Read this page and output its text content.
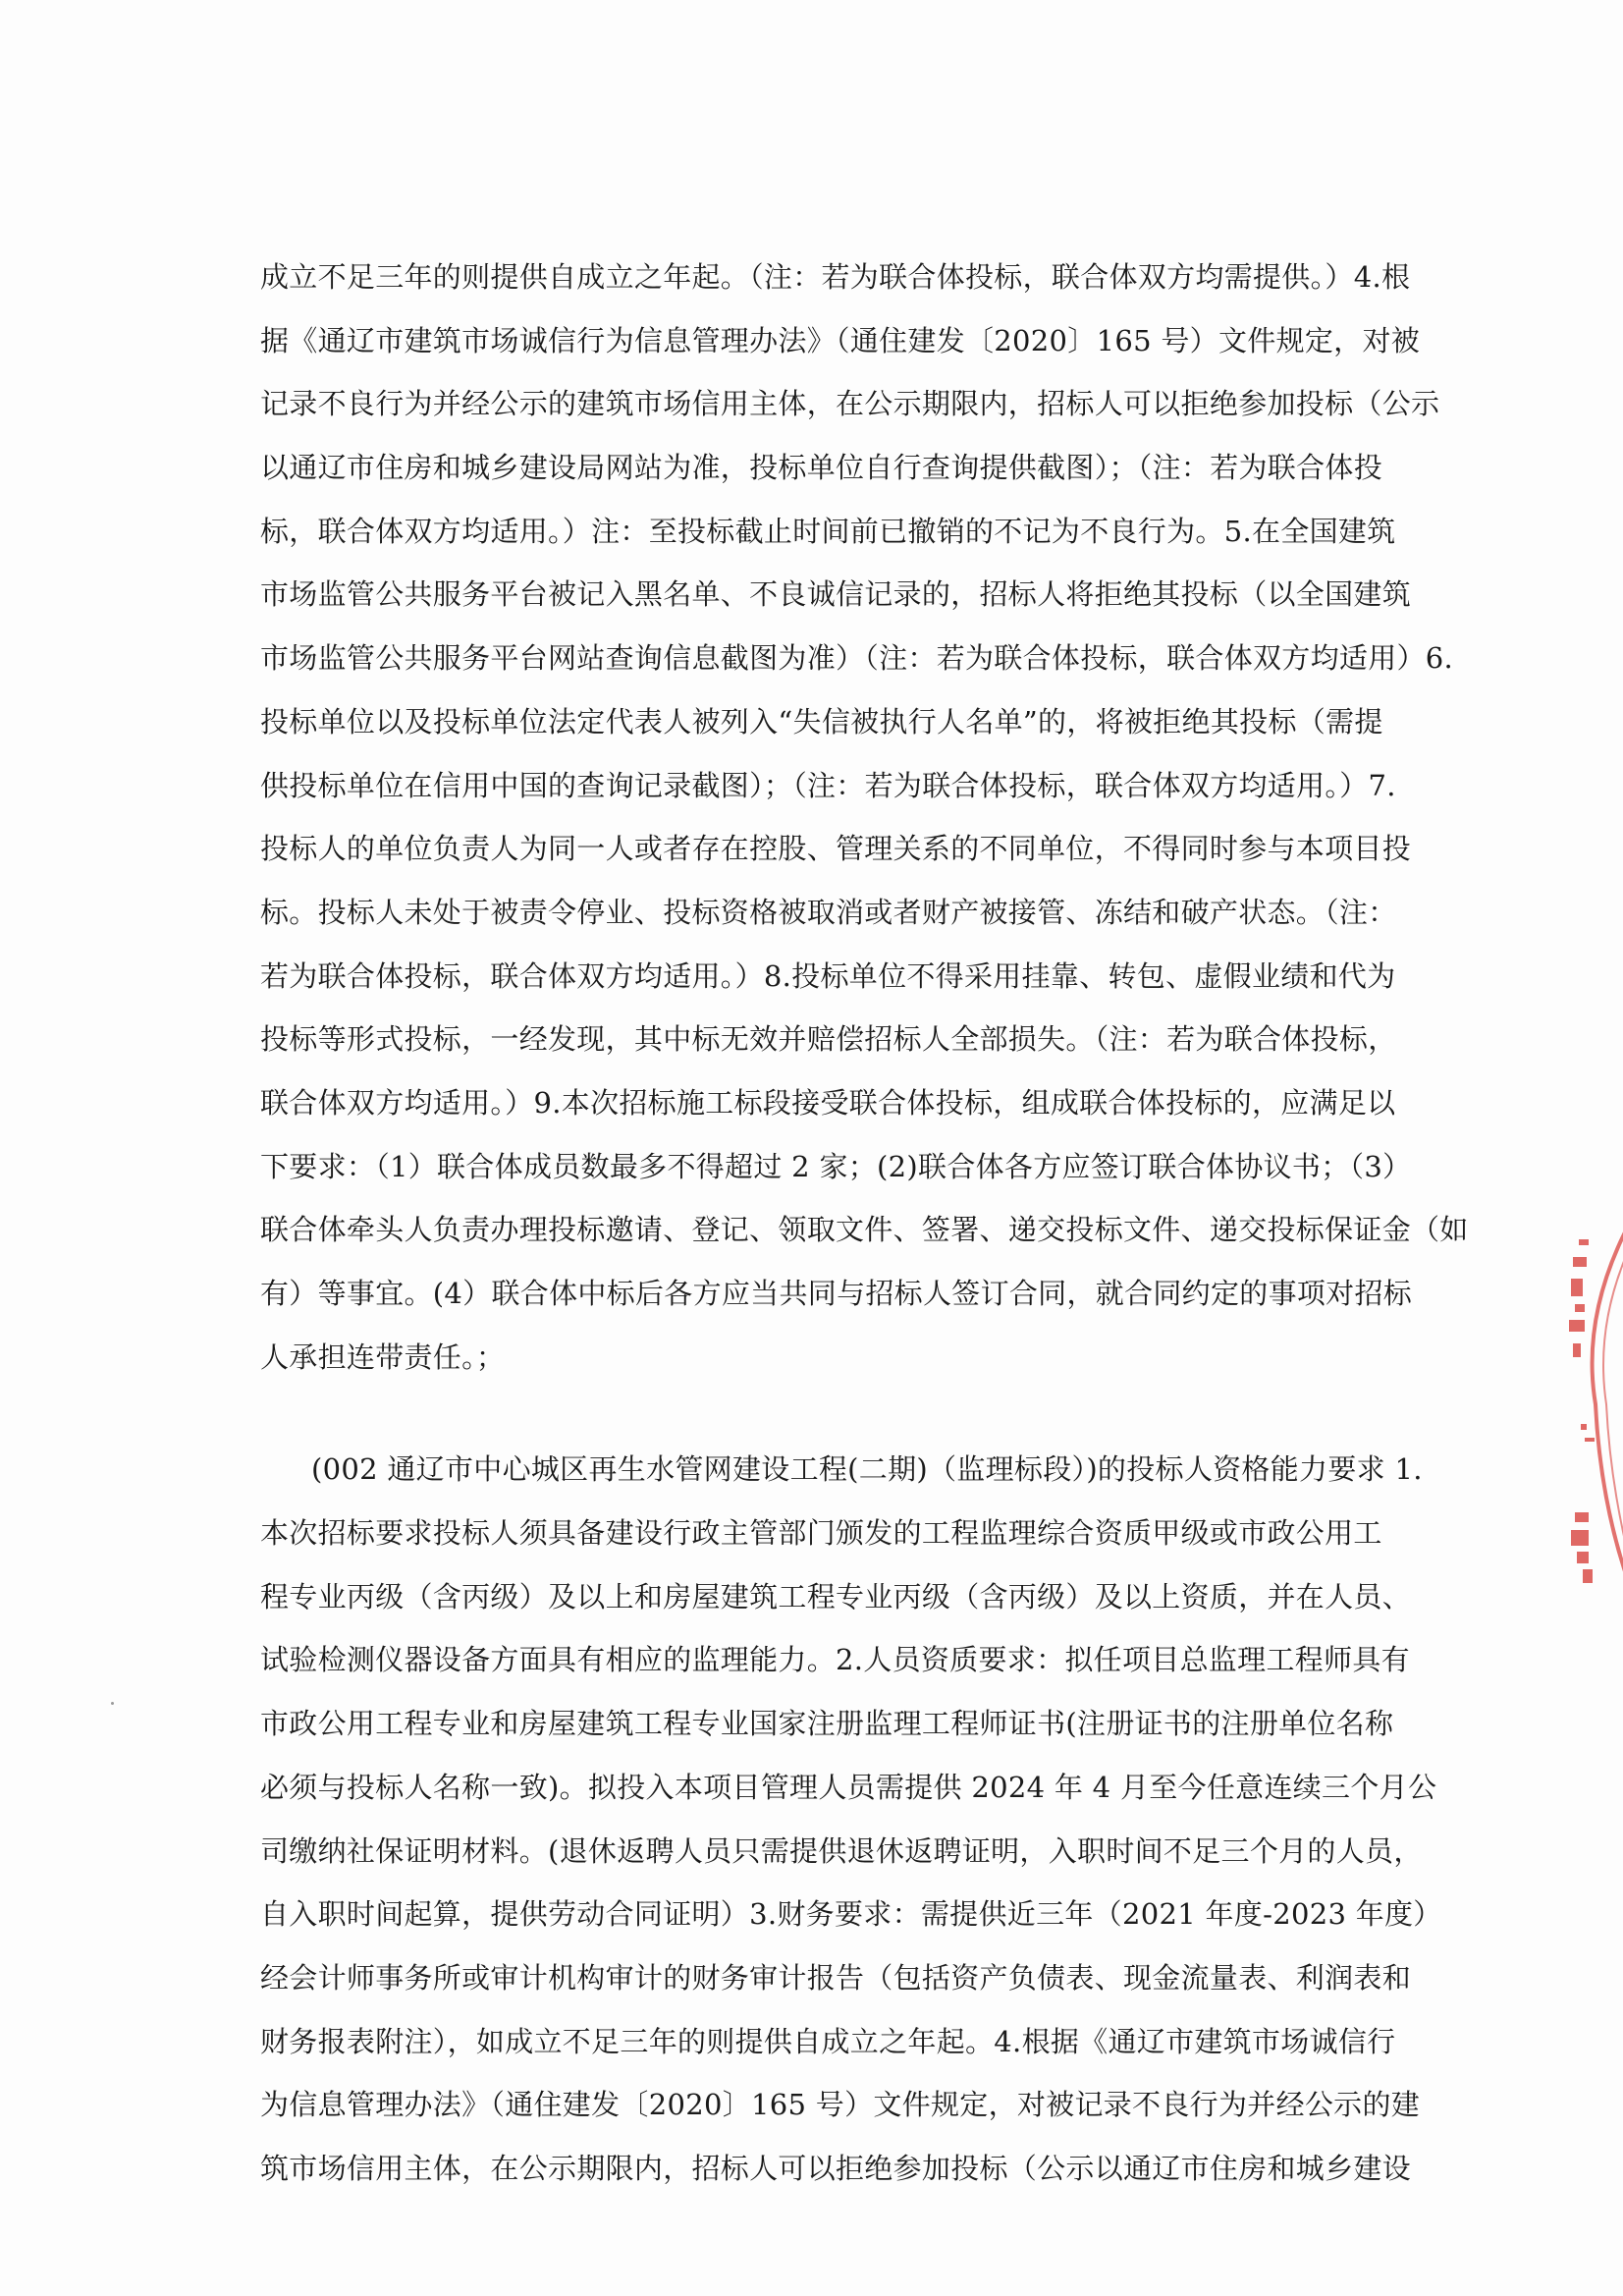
成立不足三年的则提供自成立之年起。（注：若为联合体投标，联合体双方均需提供。）4.根
据《通辽市建筑市场诚信行为信息管理办法》（通住建发〔2020〕165 号）文件规定，对被
记录不良行为并经公示的建筑市场信用主体，在公示期限内，招标人可以拒绝参加投标（公示
以通辽市住房和城乡建设局网站为准，投标单位自行查询提供截图）；（注：若为联合体投
标，联合体双方均适用。）注：至投标截止时间前已撤销的不记为不良行为。5.在全国建筑
市场监管公共服务平台被记入黑名单、不良诚信记录的，招标人将拒绝其投标（以全国建筑
市场监管公共服务平台网站查询信息截图为准）（注：若为联合体投标，联合体双方均适用）6.
投标单位以及投标单位法定代表人被列入“失信被执行人名单”的，将被拒绝其投标（需提
供投标单位在信用中国的查询记录截图）；（注：若为联合体投标，联合体双方均适用。）7.
投标人的单位负责人为同一人或者存在控股、管理关系的不同单位，不得同时参与本项目投
标。投标人未处于被责令停业、投标资格被取消或者财产被接管、冻结和破产状态。（注：
若为联合体投标，联合体双方均适用。）8.投标单位不得采用挂靠、转包、虚假业绩和代为
投标等形式投标，一经发现，其中标无效并赔偿招标人全部损失。（注：若为联合体投标，
联合体双方均适用。）9.本次招标施工标段接受联合体投标，组成联合体投标的，应满足以
下要求：（1）联合体成员数最多不得超过 2 家；(2)联合体各方应签订联合体协议书；（3）
联合体牵头人负责办理投标邀请、登记、领取文件、签署、递交投标文件、递交投标保证金（如
有）等事宜。(4）联合体中标后各方应当共同与招标人签订合同，就合同约定的事项对招标
人承担连带责任。；
(002 通辽市中心城区再生水管网建设工程(二期)（监理标段）)的投标人资格能力要求 1.
本次招标要求投标人须具备建设行政主管部门颁发的工程监理综合资质甲级或市政公用工
程专业丙级（含丙级）及以上和房屋建筑工程专业丙级（含丙级）及以上资质，并在人员、
试验检测仪器设备方面具有相应的监理能力。2.人员资质要求：拟任项目总监理工程师具有
市政公用工程专业和房屋建筑工程专业国家注册监理工程师证书(注册证书的注册单位名称
必须与投标人名称一致)。拟投入本项目管理人员需提供 2024 年 4 月至今任意连续三个月公
司缴纳社保证明材料。(退休返聘人员只需提供退休返聘证明，入职时间不足三个月的人员，
自入职时间起算，提供劳动合同证明）3.财务要求：需提供近三年（2021 年度-2023 年度）
经会计师事务所或审计机构审计的财务审计报告（包括资产负债表、现金流量表、利润表和
财务报表附注），如成立不足三年的则提供自成立之年起。4.根据《通辽市建筑市场诚信行
为信息管理办法》（通住建发〔2020〕165 号）文件规定，对被记录不良行为并经公示的建
筑市场信用主体，在公示期限内，招标人可以拒绝参加投标（公示以通辽市住房和城乡建设
